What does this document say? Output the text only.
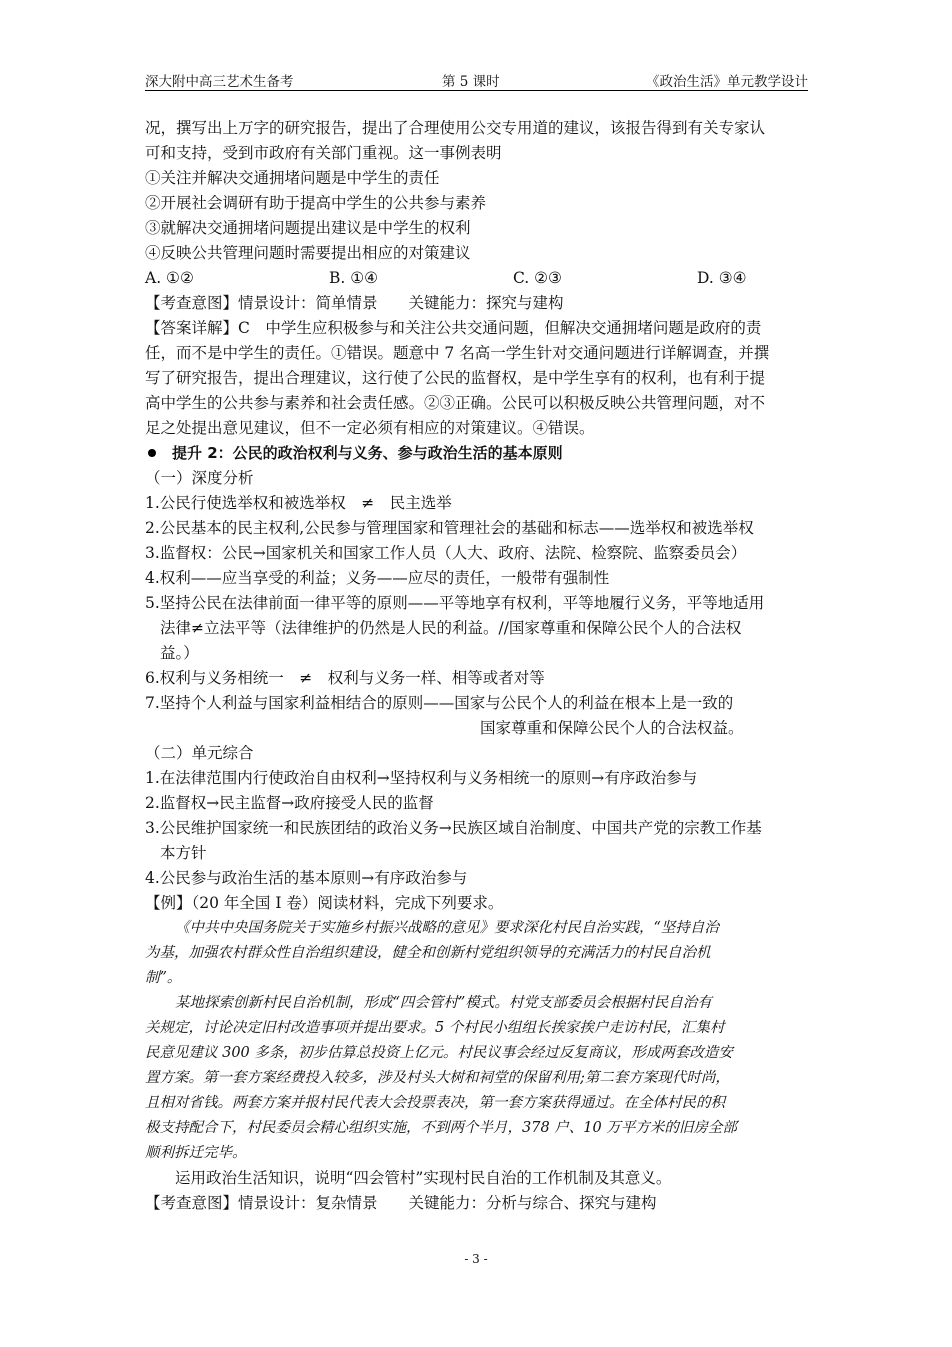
深大附中高三艺术生备考	第 5 课时	《政治生活》单元教学设计
况，撰写出上万字的研究报告，提出了合理使用公交专用道的建议，该报告得到有关专家认
可和支持，受到市政府有关部门重视。这一事例表明
①关注并解决交通拥堵问题是中学生的责任
②开展社会调研有助于提高中学生的公共参与素养
③就解决交通拥堵问题提出建议是中学生的权利
④反映公共管理问题时需要提出相应的对策建议
A. ①②	B. ①④	C. ②③	D. ③④
【考查意图】情景设计：简单情景　　关键能力：探究与建构
【答案详解】C　中学生应积极参与和关注公共交通问题，但解决交通拥堵问题是政府的责
任，而不是中学生的责任。①错误。题意中 7 名高一学生针对交通问题进行详解调查，并撰
写了研究报告，提出合理建议，这行使了公民的监督权，是中学生享有的权利，也有利于提
高中学生的公共参与素养和社会责任感。②③正确。公民可以积极反映公共管理问题，对不
足之处提出意见建议，但不一定必须有相应的对策建议。④错误。
提升 2：公民的政治权利与义务、参与政治生活的基本原则
（一）深度分析
1.公民行使选举权和被选举权　≠　民主选举
2.公民基本的民主权利,公民参与管理国家和管理社会的基础和标志——选举权和被选举权
3.监督权：公民→国家机关和国家工作人员（人大、政府、法院、检察院、监察委员会）
4.权利——应当享受的利益；义务——应尽的责任，一般带有强制性
5.坚持公民在法律前面一律平等的原则——平等地享有权利，平等地履行义务，平等地适用
法律≠立法平等（法律维护的仍然是人民的利益。//国家尊重和保障公民个人的合法权
益。）
6.权利与义务相统一　≠　权利与义务一样、相等或者对等
7.坚持个人利益与国家利益相结合的原则——国家与公民个人的利益在根本上是一致的
国家尊重和保障公民个人的合法权益。
（二）单元综合
1.在法律范围内行使政治自由权利→坚持权利与义务相统一的原则→有序政治参与
2.监督权→民主监督→政府接受人民的监督
3.公民维护国家统一和民族团结的政治义务→民族区域自治制度、中国共产党的宗教工作基
本方针
4.公民参与政治生活的基本原则→有序政治参与
【例】（20 年全国 I 卷）阅读材料，完成下列要求。
《中共中央国务院关于实施乡村振兴战略的意见》要求深化村民自治实践，“坚持自治
为基，加强农村群众性自治组织建设，健全和创新村党组织领导的充满活力的村民自治机
制”。
某地探索创新村民自治机制，形成“四会管村”模式。村党支部委员会根据村民自治有
关规定，讨论决定旧村改造事项并提出要求。5 个村民小组组长挨家挨户走访村民，汇集村
民意见建议 300 多条，初步估算总投资上亿元。村民议事会经过反复商议，形成两套改造安
置方案。第一套方案经费投入较多，涉及村头大树和祠堂的保留利用;第二套方案现代时尚，
且相对省钱。两套方案并报村民代表大会投票表决，第一套方案获得通过。在全体村民的积
极支持配合下，村民委员会精心组织实施，不到两个半月，378 户、10 万平方米的旧房全部
顺利拆迁完毕。
运用政治生活知识，说明“四会管村”实现村民自治的工作机制及其意义。
【考查意图】情景设计：复杂情景　　关键能力：分析与综合、探究与建构
- 3 -
